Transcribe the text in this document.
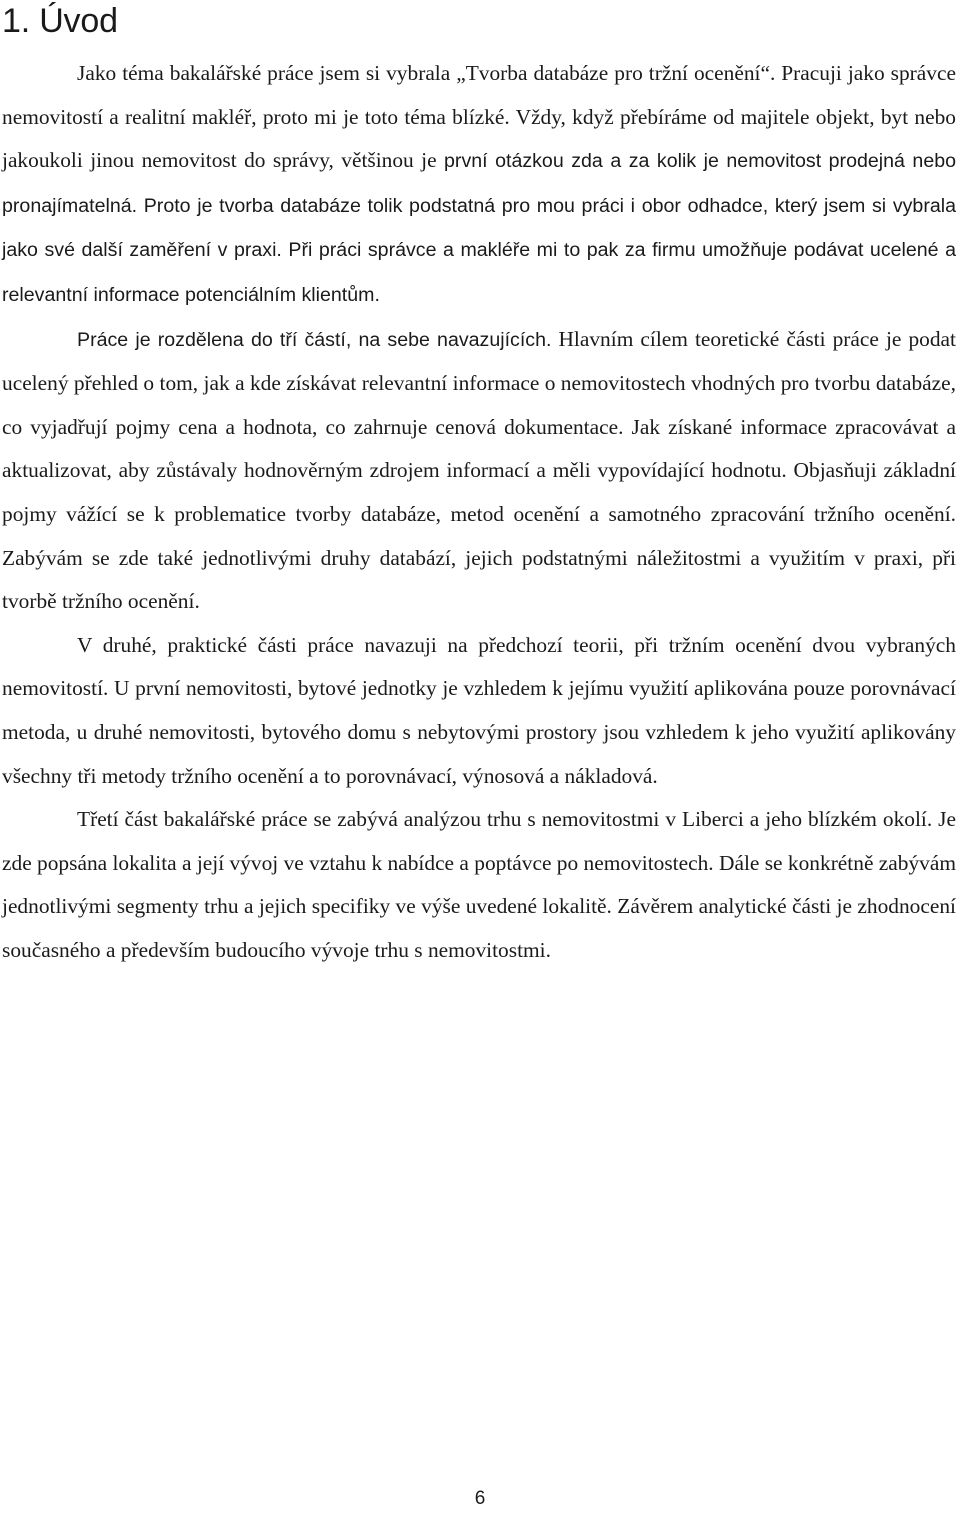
1. Úvod

Jako téma bakalářské práce jsem si vybrala „Tvorba databáze pro tržní ocenění“. Pracuji jako správce nemovitostí a realitní makléř, proto mi je toto téma blízké. Vždy, když přebíráme od majitele objekt, byt nebo jakoukoli jinou nemovitost do správy, většinou je první otázkou zda a za kolik je nemovitost prodejná nebo pronajímatelná. Proto je tvorba databáze tolik podstatná pro mou práci i obor odhadce, který jsem si vybrala jako své další zaměření v praxi. Při práci správce a makléře mi to pak za firmu umožňuje podávat ucelené a relevantní informace potenciálním klientům.

Práce je rozdělena do tří částí, na sebe navazujících. Hlavním cílem teoretické části práce je podat ucelený přehled o tom, jak a kde získávat relevantní informace o nemovitostech vhodných pro tvorbu databáze, co vyjadřují pojmy cena a hodnota, co zahrnuje cenová dokumentace. Jak získané informace zpracovávat a aktualizovat, aby zůstávaly hodnověrným zdrojem informací a měli vypovídající hodnotu. Objasňuji základní pojmy vážící se k problematice tvorby databáze, metod ocenění a samotného zpracování tržního ocenění. Zabývám se zde také jednotlivými druhy databází, jejich podstatnými náležitostmi a využitím v praxi, při tvorbě tržního ocenění.

V druhé, praktické části práce navazuji na předchozí teorii, při tržním ocenění dvou vybraných nemovitostí. U první nemovitosti, bytové jednotky je vzhledem k jejímu využití aplikována pouze porovnávací metoda, u druhé nemovitosti, bytového domu s nebytovými prostory jsou vzhledem k jeho využití aplikovány všechny tři metody tržního ocenění a to porovnávací, výnosová a nákladová.

Třetí část bakalářské práce se zabývá analýzou trhu s nemovitostmi v Liberci a jeho blízkém okolí. Je zde popsána lokalita a její vývoj ve vztahu k nabídce a poptávce po nemovitostech. Dále se konkrétně zabývám jednotlivými segmenty trhu a jejich specifiky ve výše uvedené lokalitě. Závěrem analytické části je zhodnocení současného a především budoucího vývoje trhu s nemovitostmi.

6
